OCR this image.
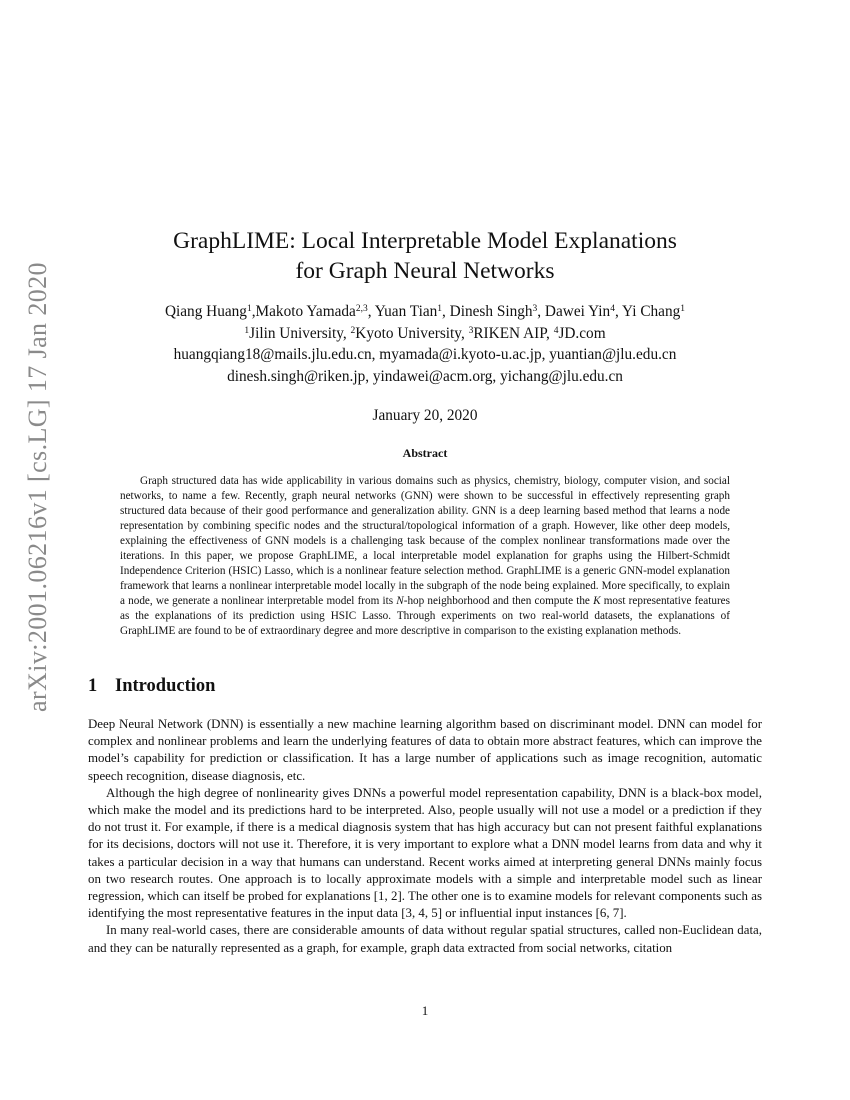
arXiv:2001.06216v1 [cs.LG] 17 Jan 2020
GraphLIME: Local Interpretable Model Explanations
for Graph Neural Networks
Qiang Huang$^1$,Makoto Yamada$^{2,3}$, Yuan Tian$^1$, Dinesh Singh$^3$, Dawei Yin$^4$, Yi Chang$^1$
$^1$Jilin University, $^2$Kyoto University, $^3$RIKEN AIP, $^4$JD.com
huangqiang18@mails.jlu.edu.cn, myamada@i.kyoto-u.ac.jp, yuantian@jlu.edu.cn
dinesh.singh@riken.jp, yindawei@acm.org, yichang@jlu.edu.cn
January 20, 2020
Abstract

Graph structured data has wide applicability in various domains such as physics, chemistry, biology, computer vision, and social networks, to name a few. Recently, graph neural networks (GNN) were shown to be successful in effectively representing graph structured data because of their good performance and generalization ability. GNN is a deep learning based method that learns a node representation by combining specific nodes and the structural/topological information of a graph. However, like other deep models, explaining the effectiveness of GNN models is a challenging task because of the complex nonlinear transformations made over the iterations. In this paper, we propose GraphLIME, a local interpretable model explanation for graphs using the Hilbert-Schmidt Independence Criterion (HSIC) Lasso, which is a nonlinear feature selection method. GraphLIME is a generic GNN-model explanation framework that learns a nonlinear interpretable model locally in the subgraph of the node being explained. More specifically, to explain a node, we generate a nonlinear interpretable model from its N-hop neighborhood and then compute the K most representative features as the explanations of its prediction using HSIC Lasso. Through experiments on two real-world datasets, the explanations of GraphLIME are found to be of extraordinary degree and more descriptive in comparison to the existing explanation methods.

1 Introduction

Deep Neural Network (DNN) is essentially a new machine learning algorithm based on discriminant model. DNN can model for complex and nonlinear problems and learn the underlying features of data to obtain more abstract features, which can improve the model’s capability for prediction or classification. It has a large number of applications such as image recognition, automatic speech recognition, disease diagnosis, etc.

Although the high degree of nonlinearity gives DNNs a powerful model representation capability, DNN is a black-box model, which make the model and its predictions hard to be interpreted. Also, people usually will not use a model or a prediction if they do not trust it. For example, if there is a medical diagnosis system that has high accuracy but can not present faithful explanations for its decisions, doctors will not use it. Therefore, it is very important to explore what a DNN model learns from data and why it takes a particular decision in a way that humans can understand. Recent works aimed at interpreting general DNNs mainly focus on two research routes. One approach is to locally approximate models with a simple and interpretable model such as linear regression, which can itself be probed for explanations [1, 2]. The other one is to examine models for relevant components such as identifying the most representative features in the input data [3, 4, 5] or influential input instances [6, 7].

In many real-world cases, there are considerable amounts of data without regular spatial structures, called non-Euclidean data, and they can be naturally represented as a graph, for example, graph data extracted from social networks, citation

1
